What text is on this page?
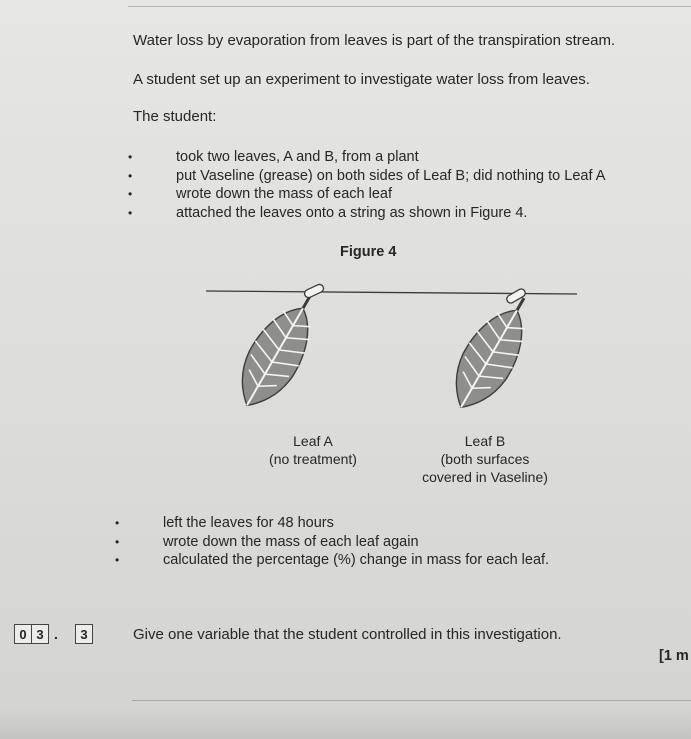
Water loss by evaporation from leaves is part of the transpiration stream.

A student set up an experiment to investigate water loss from leaves.

The student:

• took two leaves, A and B, from a plant
• put Vaseline (grease) on both sides of Leaf B; did nothing to Leaf A
• wrote down the mass of each leaf
• attached the leaves onto a string as shown in Figure 4.

Figure 4

Leaf A
(no treatment)
Leaf B
(both surfaces
covered in Vaseline)
• left the leaves for 48 hours
• wrote down the mass of each leaf again
• calculated the percentage (%) change in mass for each leaf.
0 3 .	3	Give one variable that the student controlled in this investigation.

[1 m
